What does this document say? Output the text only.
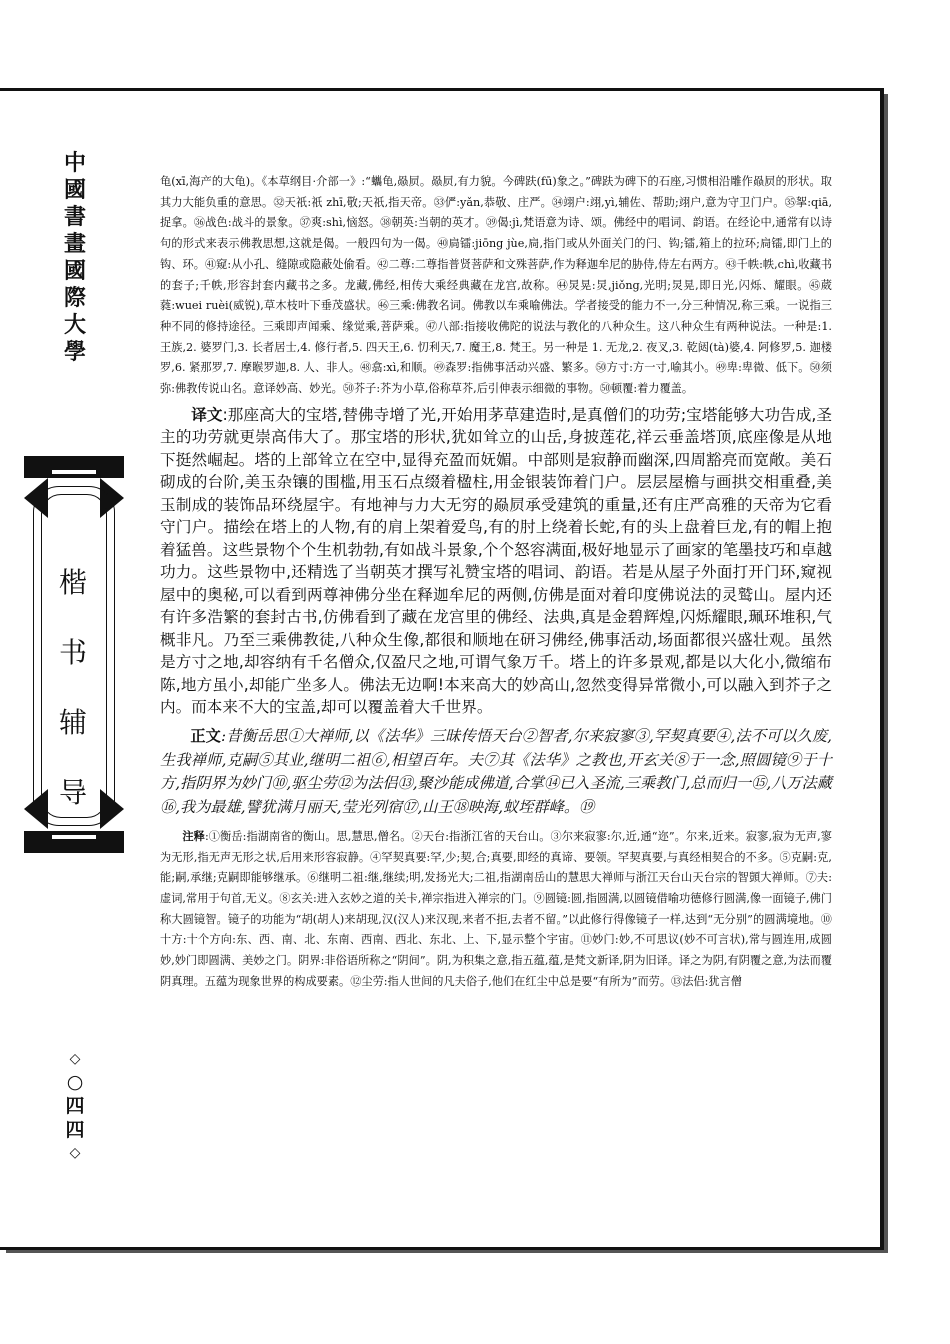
中國書畫國際大學
楷书辅导
◇
○四四
◇

龟(xī,海产的大龟)。《本草纲目·介部一》:“蠵龟,赑屃。赑屃,有力貌。今碑趺(fū)象之。”碑趺为碑下的石座,习惯相沿雕作赑屃的形状。取其力大能负重的意思。㉜天祇:祇 zhī,敬;天祇,指天帝。㉝俨:yǎn,恭敬、庄严。㉞翊户:翊,yì,辅佐、帮助;翊户,意为守卫门户。㉟挐:qiā,捉拿。㊱战色:战斗的景象。㊲爽:shì,恼怒。㊳朝英:当朝的英才。㊴偈:jì,梵语意为诗、颂。佛经中的唱词、韵语。在经论中,通常有以诗句的形式来表示佛教思想,这就是偈。一般四句为一偈。㊵扃镭:jiōng jùe,扃,指门或从外面关门的闩、钩;镭,箱上的拉环;扃镭,即门上的钩、环。㊶窥:从小孔、缝隙或隐蔽处偷看。㊷二尊:二尊指普贤菩萨和文殊菩萨,作为释迦牟尼的胁侍,侍左右两方。㊸千帙:帙,chì,收藏书的套子;千帙,形容封套内藏书之多。龙藏,佛经,相传大乘经典藏在龙宫,故称。㊹炅晃:炅,jiǒng,光明;炅晃,即日光,闪烁、耀眼。㊺葳蕤:wuei ruèi(威锐),草木枝叶下垂茂盛状。㊻三乘:佛教名词。佛教以车乘喻佛法。学者接受的能力不一,分三种情况,称三乘。一说指三种不同的修持途径。三乘即声闻乘、缘觉乘,菩萨乘。㊼八部:指接收佛陀的说法与教化的八种众生。这八种众生有两种说法。一种是:1. 王族,2. 婆罗门,3. 长者居士,4. 修行者,5. 四天王,6. 忉利天,7. 魔王,8. 梵王。另一种是 1. 无龙,2. 夜叉,3. 乾闼(tà)婆,4. 阿修罗,5. 迦楼罗,6. 紧那罗,7. 摩睺罗迦,8. 人、非人。㊽翕:xì,和顺。㊾森罗:指佛事活动兴盛、繁多。㊿方寸:方一寸,喻其小。㊾卑:卑微、低下。㊿须弥:佛教传说山名。意译妙高、妙光。㊿芥子:芥为小草,俗称草芥,后引伸表示细微的事物。㊿顿覆:着力覆盖。

译文:那座高大的宝塔,替佛寺增了光,开始用茅草建造时,是真僧们的功劳;宝塔能够大功告成,圣主的功劳就更崇高伟大了。那宝塔的形状,犹如耸立的山岳,身披莲花,祥云垂盖塔顶,底座像是从地下挺然崛起。塔的上部耸立在空中,显得充盈而妩媚。中部则是寂静而幽深,四周豁亮而宽敞。美石砌成的台阶,美玉杂镶的围槛,用玉石点缀着楹柱,用金银装饰着门户。层层屋檐与画拱交相重叠,美玉制成的装饰品环绕屋宇。有地神与力大无穷的赑屃承受建筑的重量,还有庄严高雅的天帝为它看守门户。描绘在塔上的人物,有的肩上架着爱鸟,有的肘上绕着长蛇,有的头上盘着巨龙,有的帽上抱着猛兽。这些景物个个生机勃勃,有如战斗景象,个个怒容满面,极好地显示了画家的笔墨技巧和卓越功力。这些景物中,还精选了当朝英才撰写礼赞宝塔的唱词、韵语。若是从屋子外面打开门环,窥视屋中的奥秘,可以看到两尊神佛分坐在释迦牟尼的两侧,仿佛是面对着印度佛说法的灵鹫山。屋内还有许多浩繁的套封古书,仿佛看到了藏在龙宫里的佛经、法典,真是金碧辉煌,闪烁耀眼,珮环堆积,气概非凡。乃至三乘佛教徒,八种众生像,都很和顺地在研习佛经,佛事活动,场面都很兴盛壮观。虽然是方寸之地,却容纳有千名僧众,仅盈尺之地,可谓气象万千。塔上的许多景观,都是以大化小,微缩布陈,地方虽小,却能广坐多人。佛法无边啊!本来高大的妙高山,忽然变得异常微小,可以融入到芥子之内。而本来不大的宝盖,却可以覆盖着大千世界。

正文:昔衡岳思①大禅师,以《法华》三昧传悟天台②智者,尔来寂寥③,罕契真要④,法不可以久废,生我禅师,克嗣⑤其业,继明二祖⑥,相望百年。夫⑦其《法华》之教也,开玄关⑧于一念,照圆镜⑨于十方,指阴界为妙门⑩,驱尘劳⑫为法侣⑬,聚沙能成佛道,合掌⑭已入圣流,三乘教门,总而归一⑮,八万法藏⑯,我为最雄,譬犹满月丽天,莹光列宿⑰,山王⑱映海,蚁垤群峰。⑲

注释:①衡岳:指湖南省的衡山。思,慧思,僧名。②天台:指浙江省的天台山。③尔来寂寥:尔,近,通“迩”。尔来,近来。寂寥,寂为无声,寥为无形,指无声无形之状,后用来形容寂静。④罕契真要:罕,少;契,合;真要,即经的真谛、要领。罕契真要,与真经相契合的不多。⑤克嗣:克,能;嗣,承继;克嗣即能够继承。⑥继明二祖:继,继续;明,发扬光大;二祖,指湖南岳山的慧思大禅师与浙江天台山天台宗的智顗大禅师。⑦夫:虚词,常用于句首,无义。⑧玄关:进入玄妙之道的关卡,禅宗指进入禅宗的门。⑨圆镜:圆,指圆满,以圆镜借喻功德修行圆满,像一面镜子,佛门称大圆镜智。镜子的功能为“胡(胡人)来胡现,汉(汉人)来汉现,来者不拒,去者不留。”以此修行得像镜子一样,达到“无分别”的圆满境地。⑩十方:十个方向:东、西、南、北、东南、西南、西北、东北、上、下,显示整个宇宙。⑪妙门:妙,不可思议(妙不可言状),常与圆连用,成圆妙,妙门即圆满、美妙之门。阴界:非俗语所称之“阴间”。阴,为积集之意,指五蕴,蕴,是梵文新译,阴为旧译。译之为阴,有阴覆之意,为法而覆阴真理。五蕴为现象世界的构成要素。⑫尘劳:指人世间的凡夫俗子,他们在红尘中总是要“有所为”而劳。⑬法侣:犹言僧
